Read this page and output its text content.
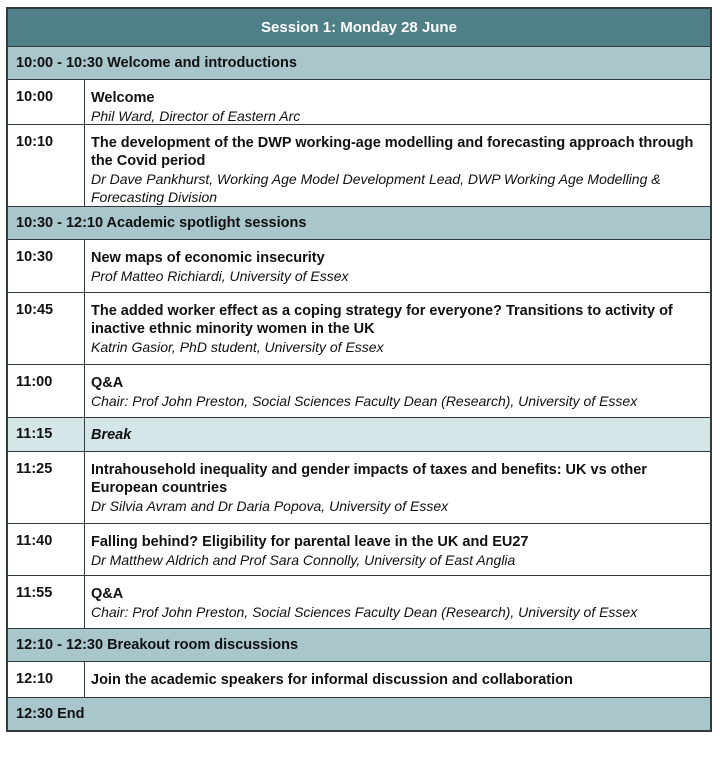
Session 1: Monday 28 June
10:00 - 10:30 Welcome and introductions
10:00	Welcome
Phil Ward, Director of Eastern Arc
10:10	The development of the DWP working-age modelling and forecasting approach through the Covid period
Dr Dave Pankhurst, Working Age Model Development Lead, DWP Working Age Modelling & Forecasting Division
10:30 - 12:10 Academic spotlight sessions
10:30	New maps of economic insecurity
Prof Matteo Richiardi, University of Essex
10:45	The added worker effect as a coping strategy for everyone? Transitions to activity of inactive ethnic minority women in the UK
Katrin Gasior, PhD student, University of Essex
11:00	Q&A
Chair: Prof John Preston, Social Sciences Faculty Dean (Research), University of Essex
11:15	Break
11:25	Intrahousehold inequality and gender impacts of taxes and benefits: UK vs other European countries
Dr Silvia Avram and Dr Daria Popova, University of Essex
11:40	Falling behind? Eligibility for parental leave in the UK and EU27
Dr Matthew Aldrich and Prof Sara Connolly, University of East Anglia
11:55	Q&A
Chair: Prof John Preston, Social Sciences Faculty Dean (Research), University of Essex
12:10 - 12:30 Breakout room discussions
12:10	Join the academic speakers for informal discussion and collaboration
12:30 End
